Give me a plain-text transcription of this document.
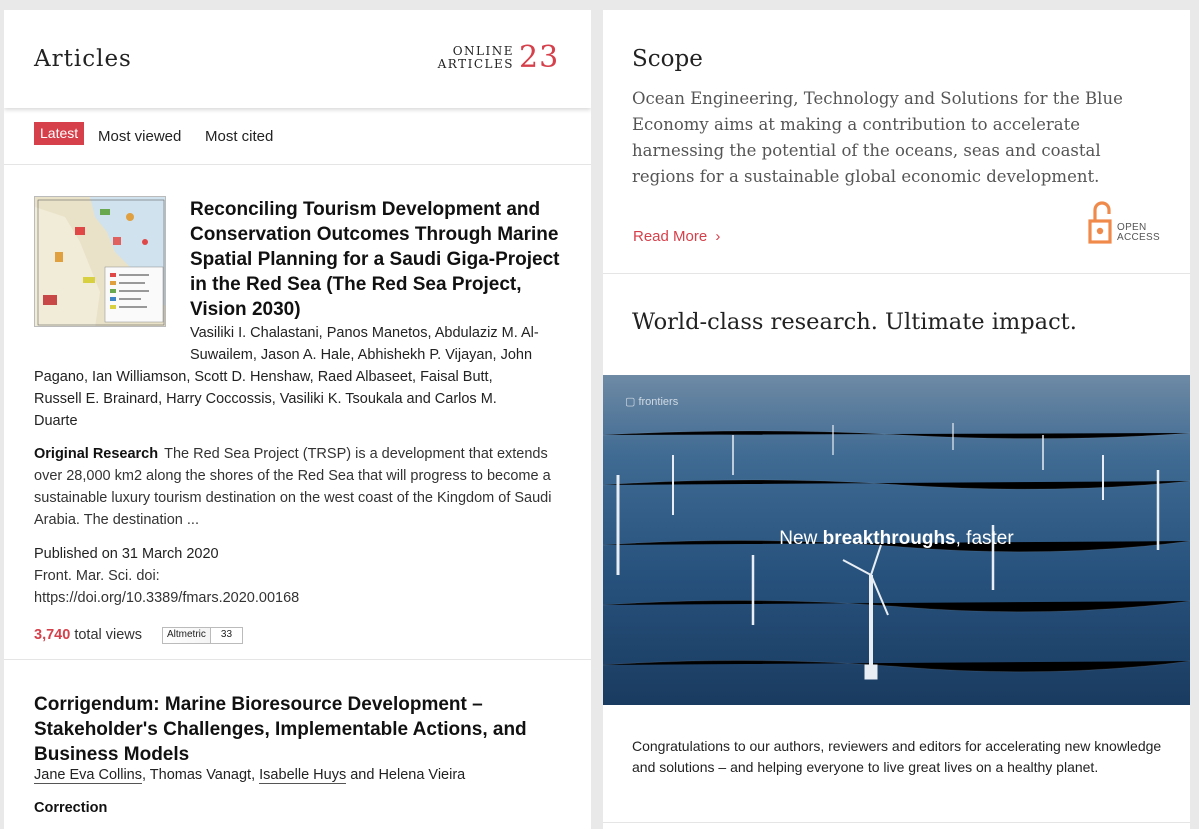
Articles	ONLINE
ARTICLES 23
Latest	Most viewed Most cited
Reconciling Tourism Development and Conservation Outcomes Through Marine Spatial Planning for a Saudi Giga-Project in the Red Sea (The Red Sea Project, Vision 2030)
Vasiliki I. Chalastani, Panos Manetos, Abdulaziz M. Al-
Suwailem, Jason A. Hale, Abhishekh P. Vijayan, John
Pagano, Ian Williamson, Scott D. Henshaw, Raed Albaseet, Faisal Butt,
Russell E. Brainard, Harry Coccossis, Vasiliki K. Tsoukala and Carlos M.
Duarte
Original Research The Red Sea Project (TRSP) is a development that extends over 28,000 km2 along the shores of the Red Sea that will progress to become a sustainable luxury tourism destination on the west coast of the Kingdom of Saudi Arabia. The destination ...
Published on 31 March 2020
Front. Mar. Sci. doi:
https://doi.org/10.3389/fmars.2020.00168
3,740 total views	Altmetric	33
Corrigendum: Marine Bioresource Development – Stakeholder's Challenges, Implementable Actions, and Business Models
Jane Eva Collins, Thomas Vanagt, Isabelle Huys and Helena Vieira
Correction
Scope
Ocean Engineering, Technology and Solutions for the Blue Economy aims at making a contribution to accelerate harnessing the potential of the oceans, seas and coastal regions for a sustainable global economic development.
Read More ›
OPEN
ACCESS
World-class research. Ultimate impact.
▢ frontiers
New breakthroughs, faster
Congratulations to our authors, reviewers and editors for accelerating new knowledge and solutions – and helping everyone to live great lives on a healthy planet.
